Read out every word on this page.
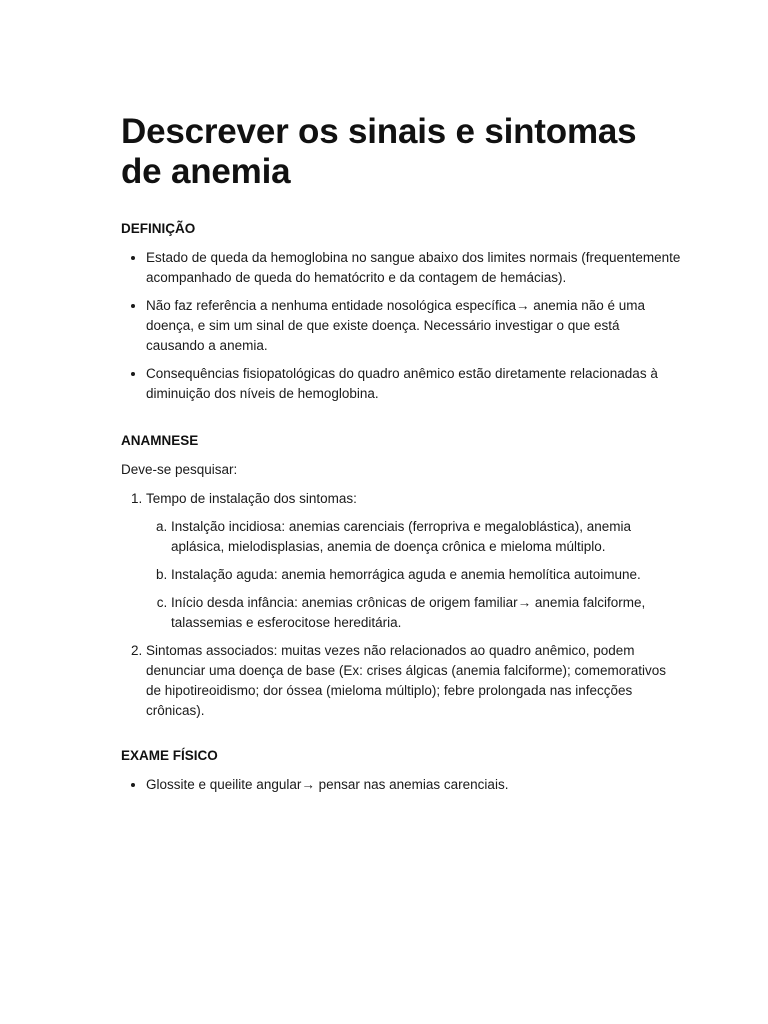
Descrever os sinais e sintomas de anemia
DEFINIÇÃO
• Estado de queda da hemoglobina no sangue abaixo dos limites normais (frequentemente acompanhado de queda do hematócrito e da contagem de hemácias).
• Não faz referência a nenhuma entidade nosológica específica→ anemia não é uma doença, e sim um sinal de que existe doença. Necessário investigar o que está causando a anemia.
• Consequências fisiopatológicas do quadro anêmico estão diretamente relacionadas à diminuição dos níveis de hemoglobina.
ANAMNESE

Deve-se pesquisar:

1. Tempo de instalação dos sintomas:
a. Instalção incidiosa: anemias carenciais (ferropriva e megaloblástica), anemia aplásica, mielodisplasias, anemia de doença crônica e mieloma múltiplo.
b. Instalação aguda: anemia hemorrágica aguda e anemia hemolítica autoimune.
c. Início desda infância: anemias crônicas de origem familiar→ anemia falciforme, talassemias e esferocitose hereditária.
2. Sintomas associados: muitas vezes não relacionados ao quadro anêmico, podem denunciar uma doença de base (Ex: crises álgicas (anemia falciforme); comemorativos de hipotireoidismo; dor óssea (mieloma múltiplo); febre prolongada nas infecções crônicas).
EXAME FÍSICO
• Glossite e queilite angular→ pensar nas anemias carenciais.
